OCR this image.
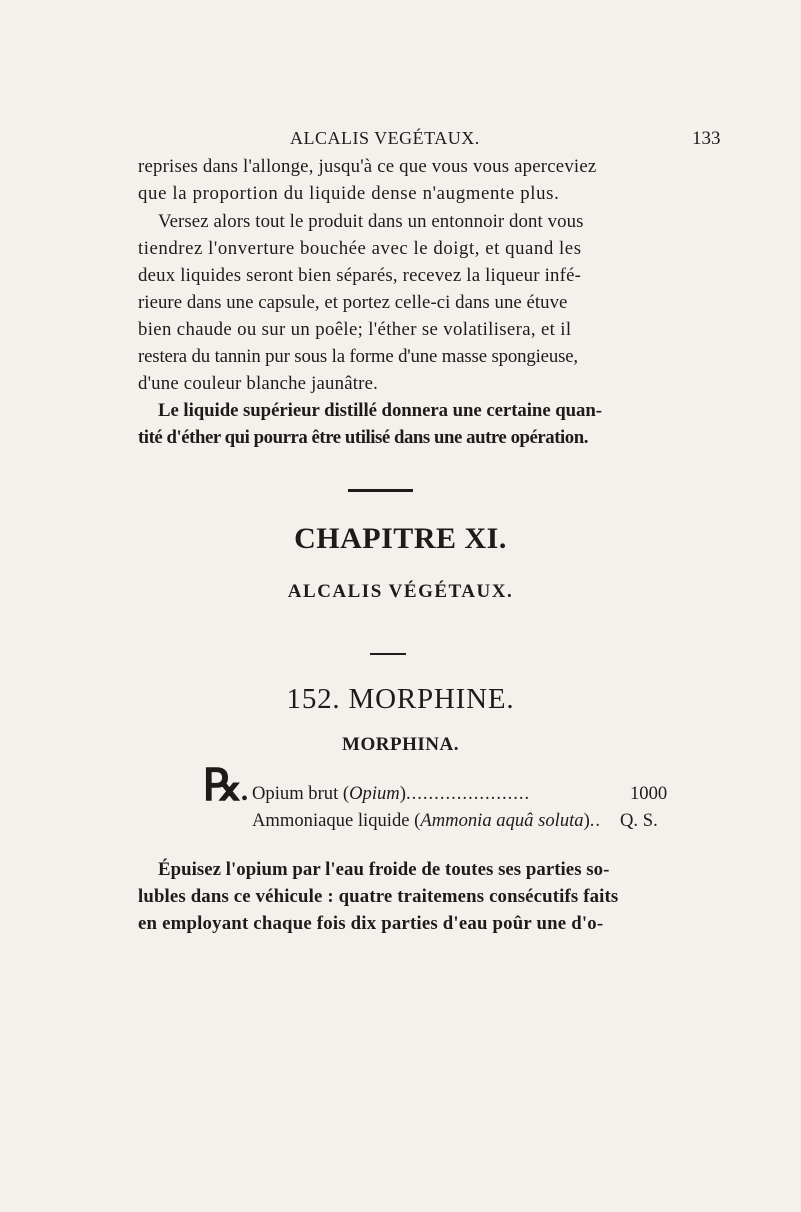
ALCALIS VEGÉTAUX.	133
reprises dans l'allonge, jusqu'à ce que vous vous aperceviez
que la proportion du liquide dense n'augmente plus.
Versez alors tout le produit dans un entonnoir dont vous
tiendrez l'onverture bouchée avec le doigt, et quand les
deux liquides seront bien séparés, recevez la liqueur infé-
rieure dans une capsule, et portez celle-ci dans une étuve
bien chaude ou sur un poêle; l'éther se volatilisera, et il
restera du tannin pur sous la forme d'une masse spongieuse,
d'une couleur blanche jaunâtre.
Le liquide supérieur distillé donnera une certaine quan-
tité d'éther qui pourra être utilisé dans une autre opération.
CHAPITRE XI.
ALCALIS VÉGÉTAUX.
152. MORPHINE.
MORPHINA.
℞
• Opium brut (Opium)......................	1000
Ammoniaque liquide (Ammonia aquâ soluta).. Q. S.
Épuisez l'opium par l'eau froide de toutes ses parties so-
lubles dans ce véhicule : quatre traitemens consécutifs faits
en employant chaque fois dix parties d'eau poûr une d'o-
